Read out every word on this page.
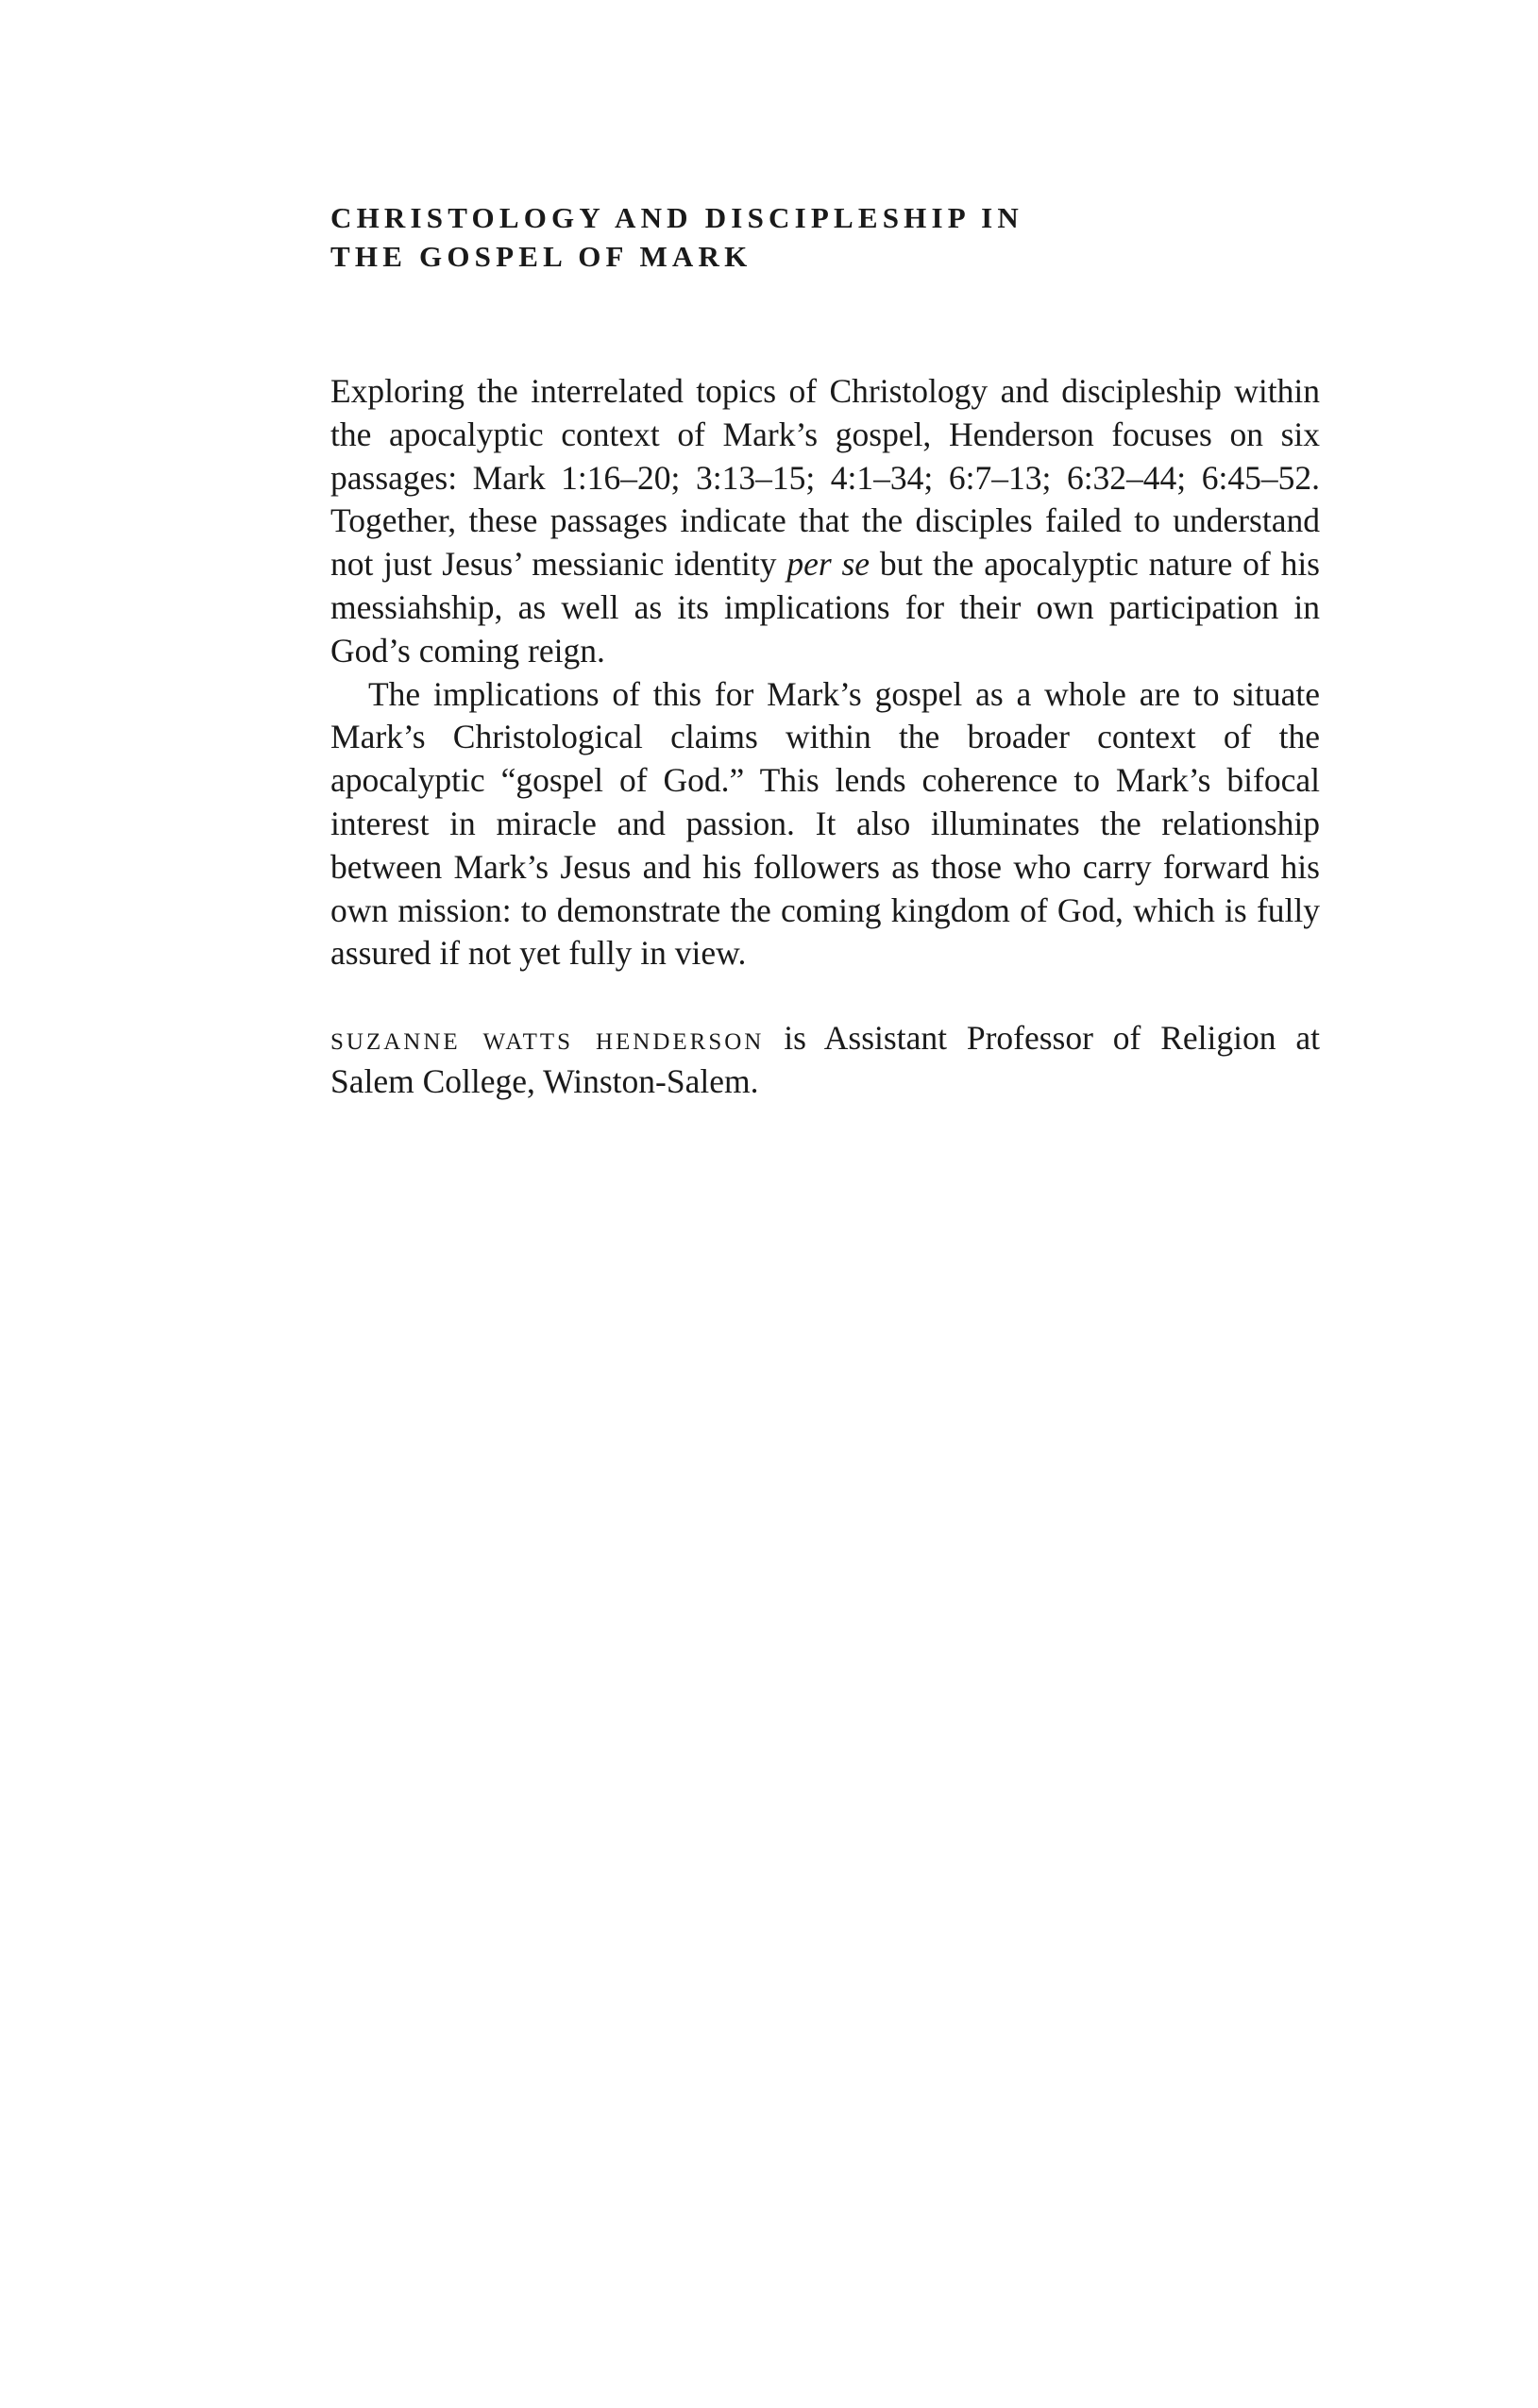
CHRISTOLOGY AND DISCIPLESHIP IN
THE GOSPEL OF MARK

Exploring the interrelated topics of Christology and discipleship within the apocalyptic context of Mark’s gospel, Henderson focuses on six passages: Mark 1:16–20; 3:13–15; 4:1–34; 6:7–13; 6:32–44; 6:45–52. Together, these passages indicate that the disciples failed to understand not just Jesus’ messianic identity per se but the apocalyptic nature of his messiahship, as well as its implications for their own participation in God’s coming reign.

The implications of this for Mark’s gospel as a whole are to situate Mark’s Christological claims within the broader context of the apocalyptic “gospel of God.” This lends coherence to Mark’s bifocal interest in miracle and passion. It also illuminates the relationship between Mark’s Jesus and his followers as those who carry forward his own mission: to demonstrate the coming kingdom of God, which is fully assured if not yet fully in view.

suzanne watts henderson is Assistant Professor of Religion at Salem College, Winston-Salem.
